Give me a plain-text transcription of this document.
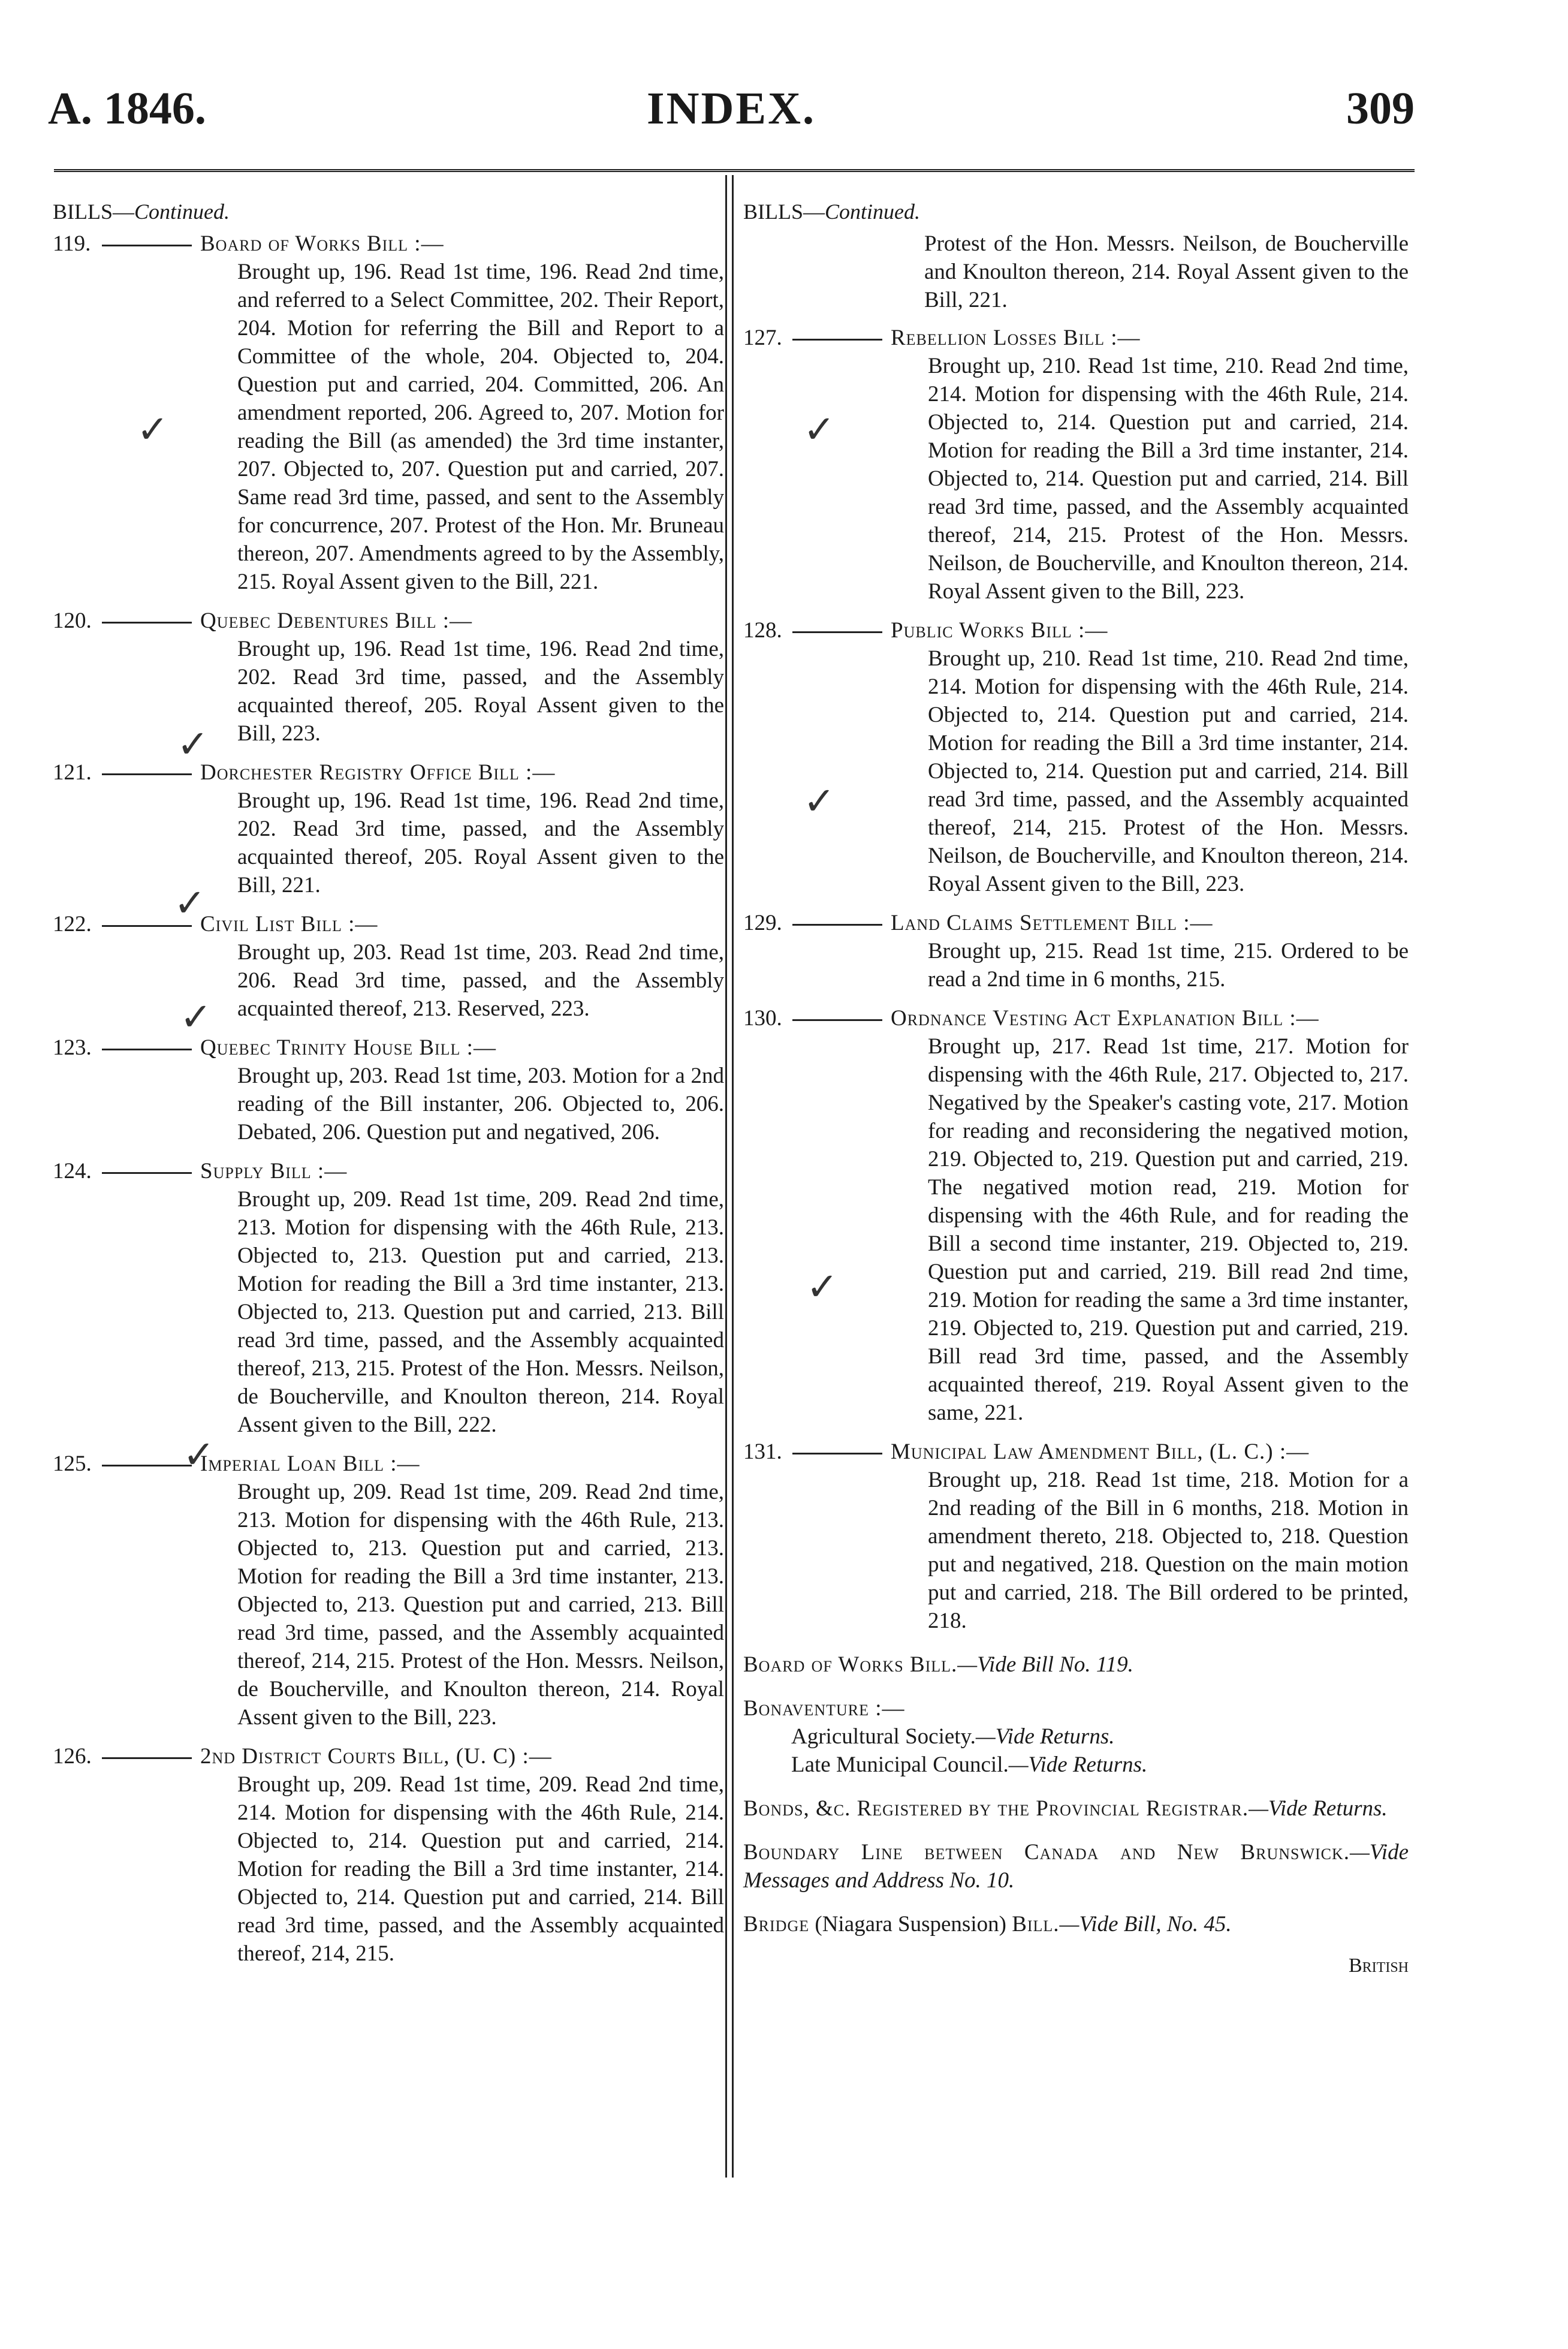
A. 1846.	INDEX.	309
BILLS—Continued.
119.	Board of Works Bill :—
Brought up, 196. Read 1st time, 196. Read 2nd time, and referred to a Select Committee, 202. Their Report, 204. Motion for referring the Bill and Report to a Committee of the whole, 204. Objected to, 204. Question put and carried, 204. Committed, 206. An amendment reported, 206. Agreed to, 207. Motion for reading the Bill (as amended) the 3rd time instanter, 207. Objected to, 207. Question put and carried, 207. Same read 3rd time, passed, and sent to the Assembly for concurrence, 207. Protest of the Hon. Mr. Bruneau thereon, 207. Amendments agreed to by the Assembly, 215. Royal Assent given to the Bill, 221.
120.	Quebec Debentures Bill :—
Brought up, 196. Read 1st time, 196. Read 2nd time, 202. Read 3rd time, passed, and the Assembly acquainted thereof, 205. Royal Assent given to the Bill, 223.
121.	Dorchester Registry Office Bill :—
Brought up, 196. Read 1st time, 196. Read 2nd time, 202. Read 3rd time, passed, and the Assembly acquainted thereof, 205. Royal Assent given to the Bill, 221.
122.	Civil List Bill :—
Brought up, 203. Read 1st time, 203. Read 2nd time, 206. Read 3rd time, passed, and the Assembly acquainted thereof, 213. Reserved, 223.
123.	Quebec Trinity House Bill :—
Brought up, 203. Read 1st time, 203. Motion for a 2nd reading of the Bill instanter, 206. Objected to, 206. Debated, 206. Question put and negatived, 206.
124.	Supply Bill :—
Brought up, 209. Read 1st time, 209. Read 2nd time, 213. Motion for dispensing with the 46th Rule, 213. Objected to, 213. Question put and carried, 213. Motion for reading the Bill a 3rd time instanter, 213. Objected to, 213. Question put and carried, 213. Bill read 3rd time, passed, and the Assembly acquainted thereof, 213, 215. Protest of the Hon. Messrs. Neilson, de Boucherville, and Knoulton thereon, 214. Royal Assent given to the Bill, 222.
125.	Imperial Loan Bill :—
Brought up, 209. Read 1st time, 209. Read 2nd time, 213. Motion for dispensing with the 46th Rule, 213. Objected to, 213. Question put and carried, 213. Motion for reading the Bill a 3rd time instanter, 213. Objected to, 213. Question put and carried, 213. Bill read 3rd time, passed, and the Assembly acquainted thereof, 214, 215. Protest of the Hon. Messrs. Neilson, de Boucherville, and Knoulton thereon, 214. Royal Assent given to the Bill, 223.
126.	2nd District Courts Bill, (U. C) :—
Brought up, 209. Read 1st time, 209. Read 2nd time, 214. Motion for dispensing with the 46th Rule, 214. Objected to, 214. Question put and carried, 214. Motion for reading the Bill a 3rd time instanter, 214. Objected to, 214. Question put and carried, 214. Bill read 3rd time, passed, and the Assembly acquainted thereof, 214, 215.
BILLS—Continued.
Protest of the Hon. Messrs. Neilson, de Boucherville and Knoulton thereon, 214. Royal Assent given to the Bill, 221.
127.	Rebellion Losses Bill :—
Brought up, 210. Read 1st time, 210. Read 2nd time, 214. Motion for dispensing with the 46th Rule, 214. Objected to, 214. Question put and carried, 214. Motion for reading the Bill a 3rd time instanter, 214. Objected to, 214. Question put and carried, 214. Bill read 3rd time, passed, and the Assembly acquainted thereof, 214, 215. Protest of the Hon. Messrs. Neilson, de Boucherville, and Knoulton thereon, 214. Royal Assent given to the Bill, 223.
128.	Public Works Bill :—
Brought up, 210. Read 1st time, 210. Read 2nd time, 214. Motion for dispensing with the 46th Rule, 214. Objected to, 214. Question put and carried, 214. Motion for reading the Bill a 3rd time instanter, 214. Objected to, 214. Question put and carried, 214. Bill read 3rd time, passed, and the Assembly acquainted thereof, 214, 215. Protest of the Hon. Messrs. Neilson, de Boucherville, and Knoulton thereon, 214. Royal Assent given to the Bill, 223.
129.	Land Claims Settlement Bill :—
Brought up, 215. Read 1st time, 215. Ordered to be read a 2nd time in 6 months, 215.
130.	Ordnance Vesting Act Explanation Bill :—
Brought up, 217. Read 1st time, 217. Motion for dispensing with the 46th Rule, 217. Objected to, 217. Negatived by the Speaker's casting vote, 217. Motion for reading and reconsidering the negatived motion, 219. Objected to, 219. Question put and carried, 219. The negatived motion read, 219. Motion for dispensing with the 46th Rule, and for reading the Bill a second time instanter, 219. Objected to, 219. Question put and carried, 219. Bill read 2nd time, 219. Motion for reading the same a 3rd time instanter, 219. Objected to, 219. Question put and carried, 219. Bill read 3rd time, passed, and the Assembly acquainted thereof, 219. Royal Assent given to the same, 221.
131.	Municipal Law Amendment Bill, (L. C.) :—
Brought up, 218. Read 1st time, 218. Motion for a 2nd reading of the Bill in 6 months, 218. Motion in amendment thereto, 218. Objected to, 218. Question put and negatived, 218. Question on the main motion put and carried, 218. The Bill ordered to be printed, 218.
Board of Works Bill.—Vide Bill No. 119.
Bonaventure :—
Agricultural Society.—Vide Returns.
Late Municipal Council.—Vide Returns.
Bonds, &c. Registered by the Provincial Registrar.—Vide Returns.
Boundary Line between Canada and New Brunswick.—Vide Messages and Address No. 10.
Bridge (Niagara Suspension) Bill.—Vide Bill, No. 45.
British
✓
✓
✓
✓
✓
✓
✓
✓
